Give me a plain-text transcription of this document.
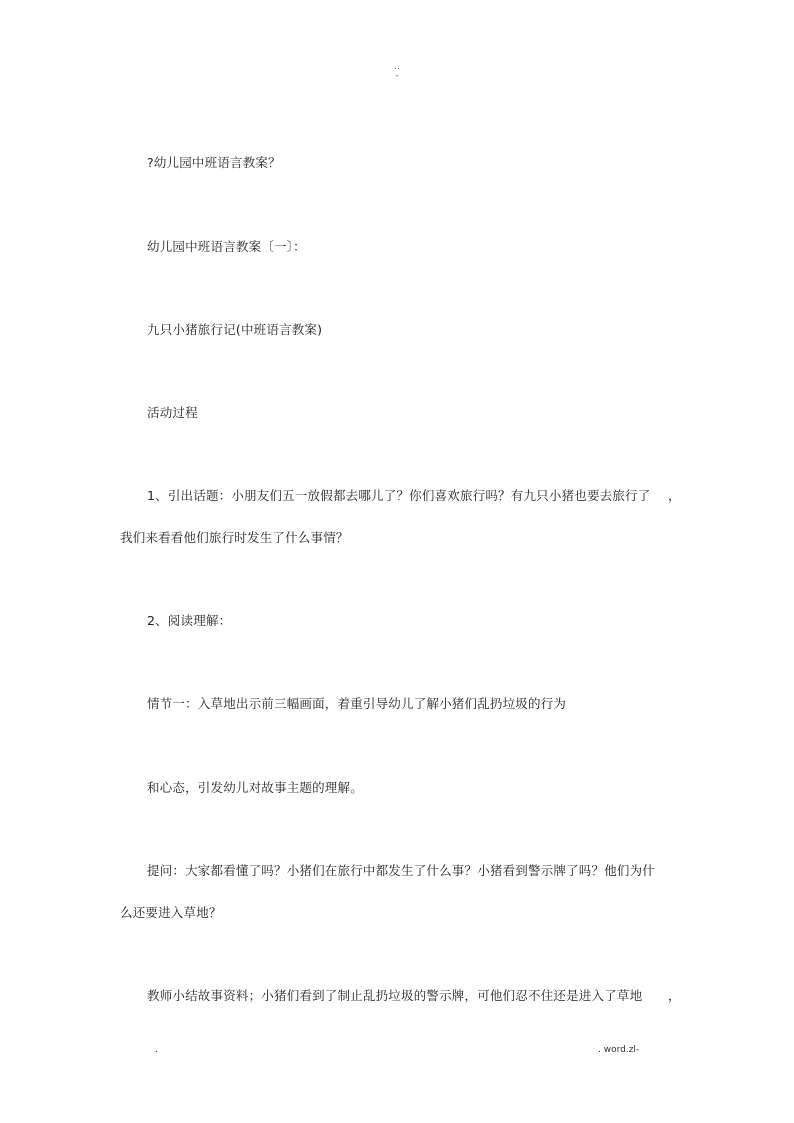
..
-
?幼儿园中班语言教案？
幼儿园中班语言教案〔一〕：
九只小猪旅行记(中班语言教案)
活动过程
1、引出话题：小朋友们五一放假都去哪儿了？你们喜欢旅行吗？有九只小猪也要去旅行了 ，
我们来看看他们旅行时发生了什么事情？
2、阅读理解：
情节一：入草地出示前三幅画面，着重引导幼儿了解小猪们乱扔垃圾的行为
和心态，引发幼儿对故事主题的理解。
提问：大家都看懂了吗？小猪们在旅行中都发生了什么事？小猪看到警示牌了吗？他们为什
么还要进入草地？
教师小结故事资料；小猪们看到了制止乱扔垃圾的警示牌，可他们忍不住还是进入了草地 ，
.	. word.zl-
